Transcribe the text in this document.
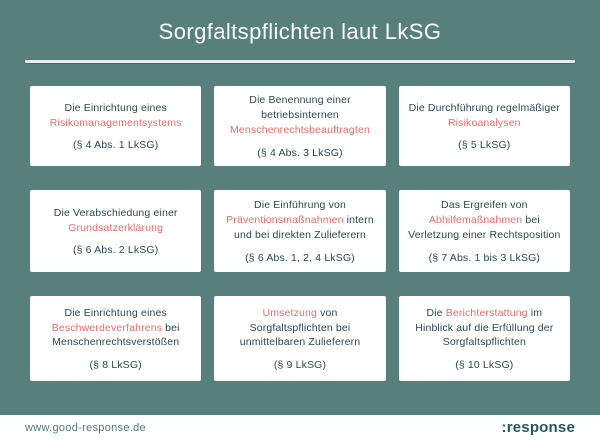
Sorgfaltspflichten laut LkSG
Die Einrichtung eines
Risikomanagementsystems
(§ 4 Abs. 1 LkSG)
Die Benennung einer
betriebsinternen
Menschenrechtsbeauftragten
(§ 4 Abs. 3 LkSG)
Die Durchführung regelmäßiger
Risikoanalysen
(§ 5 LkSG)
Die Verabschiedung einer
Grundsatzerklärung
(§ 6 Abs. 2 LkSG)
Die Einführung von
Präventionsmaßnahmen intern
und bei direkten Zulieferern
(§ 6 Abs. 1, 2, 4 LkSG)
Das Ergreifen von
Abhilfemaßnahmen bei
Verletzung einer Rechtsposition
(§ 7 Abs. 1 bis 3 LkSG)
Die Einrichtung eines
Beschwerdeverfahrens bei
Menschenrechtsverstößen
(§ 8 LkSG)
Umsetzung von
Sorgfaltspflichten bei
unmittelbaren Zulieferern
(§ 9 LkSG)
Die Berichterstattung im
Hinblick auf die Erfüllung der
Sorgfaltspflichten
(§ 10 LkSG)
www.good-response.de	:response
